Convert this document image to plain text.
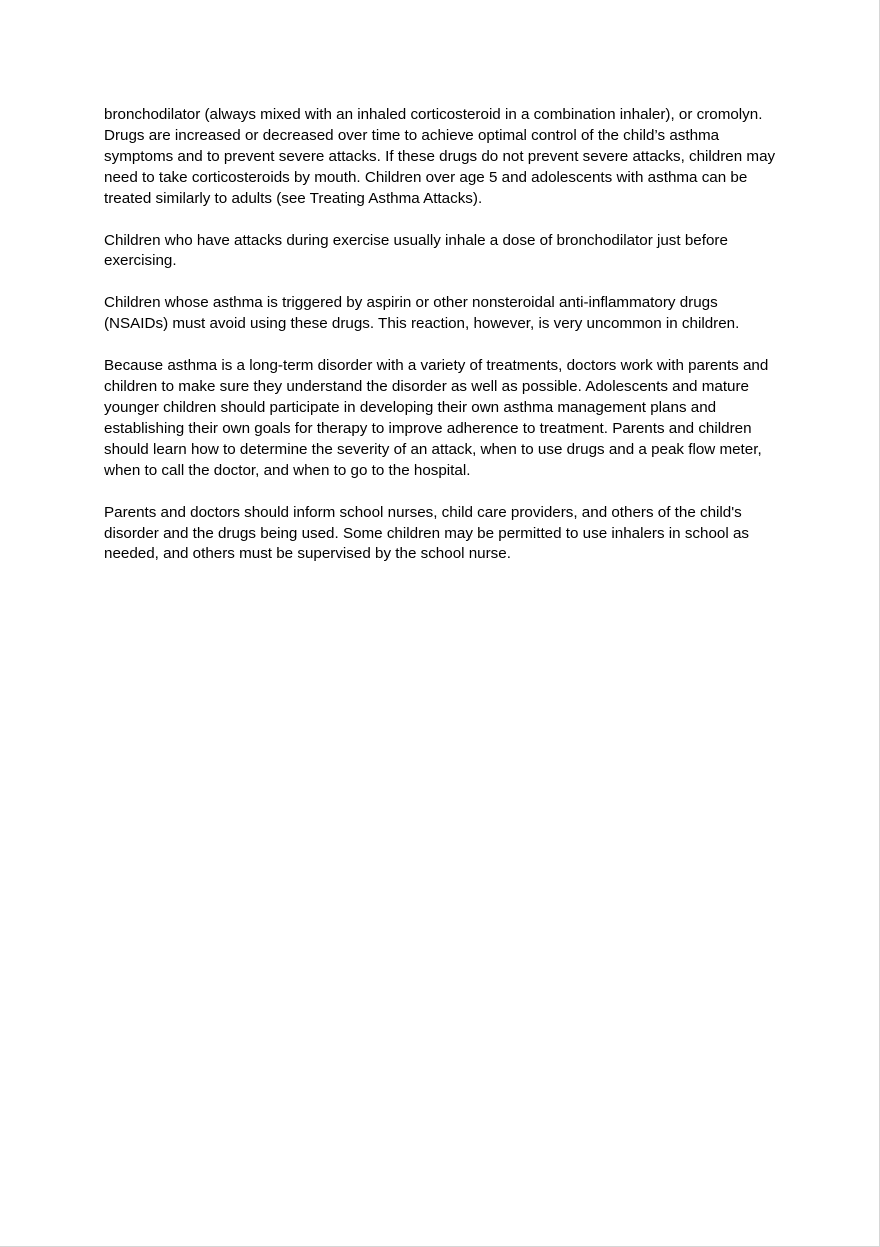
bronchodilator (always mixed with an inhaled corticosteroid in a combination inhaler), or cromolyn. Drugs are increased or decreased over time to achieve optimal control of the child’s asthma symptoms and to prevent severe attacks. If these drugs do not prevent severe attacks, children may need to take corticosteroids by mouth. Children over age 5 and adolescents with asthma can be treated similarly to adults (see Treating Asthma Attacks).

Children who have attacks during exercise usually inhale a dose of bronchodilator just before exercising.

Children whose asthma is triggered by aspirin or other nonsteroidal anti-inflammatory drugs (NSAIDs) must avoid using these drugs. This reaction, however, is very uncommon in children.

Because asthma is a long-term disorder with a variety of treatments, doctors work with parents and children to make sure they understand the disorder as well as possible. Adolescents and mature younger children should participate in developing their own asthma management plans and establishing their own goals for therapy to improve adherence to treatment. Parents and children should learn how to determine the severity of an attack, when to use drugs and a peak flow meter, when to call the doctor, and when to go to the hospital.

Parents and doctors should inform school nurses, child care providers, and others of the child's disorder and the drugs being used. Some children may be permitted to use inhalers in school as needed, and others must be supervised by the school nurse.
